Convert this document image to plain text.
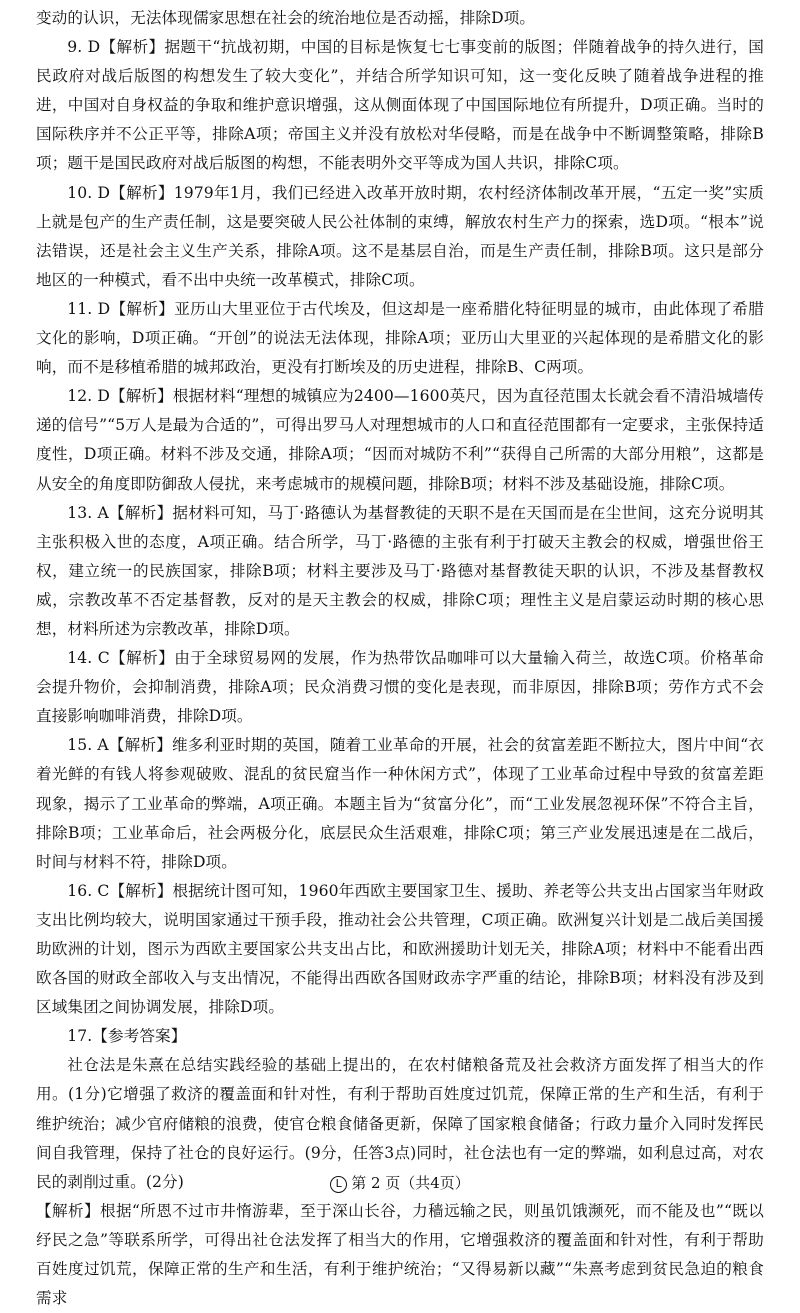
变动的认识，无法体现儒家思想在社会的统治地位是否动摇，排除D项。

9. D【解析】据题干“抗战初期，中国的目标是恢复七七事变前的版图；伴随着战争的持久进行，国民政府对战后版图的构想发生了较大变化”，并结合所学知识可知，这一变化反映了随着战争进程的推进，中国对自身权益的争取和维护意识增强，这从侧面体现了中国国际地位有所提升，D项正确。当时的国际秩序并不公正平等，排除A项；帝国主义并没有放松对华侵略，而是在战争中不断调整策略，排除B项；题干是国民政府对战后版图的构想，不能表明外交平等成为国人共识，排除C项。

10. D【解析】1979年1月，我们已经进入改革开放时期，农村经济体制改革开展，“五定一奖”实质上就是包产的生产责任制，这是要突破人民公社体制的束缚，解放农村生产力的探索，选D项。“根本”说法错误，还是社会主义生产关系，排除A项。这不是基层自治，而是生产责任制，排除B项。这只是部分地区的一种模式，看不出中央统一改革模式，排除C项。

11. D【解析】亚历山大里亚位于古代埃及，但这却是一座希腊化特征明显的城市，由此体现了希腊文化的影响，D项正确。“开创”的说法无法体现，排除A项；亚历山大里亚的兴起体现的是希腊文化的影响，而不是移植希腊的城邦政治，更没有打断埃及的历史进程，排除B、C两项。

12. D【解析】根据材料“理想的城镇应为2400—1600英尺，因为直径范围太长就会看不清沿城墙传递的信号”“5万人是最为合适的”，可得出罗马人对理想城市的人口和直径范围都有一定要求，主张保持适度性，D项正确。材料不涉及交通，排除A项；“因而对城防不利”“获得自己所需的大部分用粮”，这都是从安全的角度即防御敌人侵扰，来考虑城市的规模问题，排除B项；材料不涉及基础设施，排除C项。

13. A【解析】据材料可知，马丁·路德认为基督教徒的天职不是在天国而是在尘世间，这充分说明其主张积极入世的态度，A项正确。结合所学，马丁·路德的主张有利于打破天主教会的权威，增强世俗王权，建立统一的民族国家，排除B项；材料主要涉及马丁·路德对基督教徒天职的认识，不涉及基督教权威，宗教改革不否定基督教，反对的是天主教会的权威，排除C项；理性主义是启蒙运动时期的核心思想，材料所述为宗教改革，排除D项。

14. C【解析】由于全球贸易网的发展，作为热带饮品咖啡可以大量输入荷兰，故选C项。价格革命会提升物价，会抑制消费，排除A项；民众消费习惯的变化是表现，而非原因，排除B项；劳作方式不会直接影响咖啡消费，排除D项。

15. A【解析】维多利亚时期的英国，随着工业革命的开展，社会的贫富差距不断拉大，图片中间“衣着光鲜的有钱人将参观破败、混乱的贫民窟当作一种休闲方式”，体现了工业革命过程中导致的贫富差距现象，揭示了工业革命的弊端，A项正确。本题主旨为“贫富分化”，而“工业发展忽视环保”不符合主旨，排除B项；工业革命后，社会两极分化，底层民众生活艰难，排除C项；第三产业发展迅速是在二战后，时间与材料不符，排除D项。

16. C【解析】根据统计图可知，1960年西欧主要国家卫生、援助、养老等公共支出占国家当年财政支出比例均较大，说明国家通过干预手段，推动社会公共管理，C项正确。欧洲复兴计划是二战后美国援助欧洲的计划，图示为西欧主要国家公共支出占比，和欧洲援助计划无关，排除A项；材料中不能看出西欧各国的财政全部收入与支出情况，不能得出西欧各国财政赤字严重的结论，排除B项；材料没有涉及到区域集团之间协调发展，排除D项。

17.【参考答案】

社仓法是朱熹在总结实践经验的基础上提出的，在农村储粮备荒及社会救济方面发挥了相当大的作用。(1分)它增强了救济的覆盖面和针对性，有利于帮助百姓度过饥荒，保障正常的生产和生活，有利于维护统治；减少官府储粮的浪费，使官仓粮食储备更新，保障了国家粮食储备；行政力量介入同时发挥民间自我管理，保持了社仓的良好运行。(9分，任答3点)同时，社仓法也有一定的弊端，如利息过高，对农民的剥削过重。(2分)

【解析】根据“所恩不过市井惰游辈，至于深山长谷，力穑远输之民，则虽饥饿濒死，而不能及也”“既以纾民之急”等联系所学，可得出社仓法发挥了相当大的作用，它增强救济的覆盖面和针对性，有利于帮助百姓度过饥荒，保障正常的生产和生活，有利于维护统治；“又得易新以藏”“朱熹考虑到贫民急迫的粮食需求

L 第 2 页（共4页）
